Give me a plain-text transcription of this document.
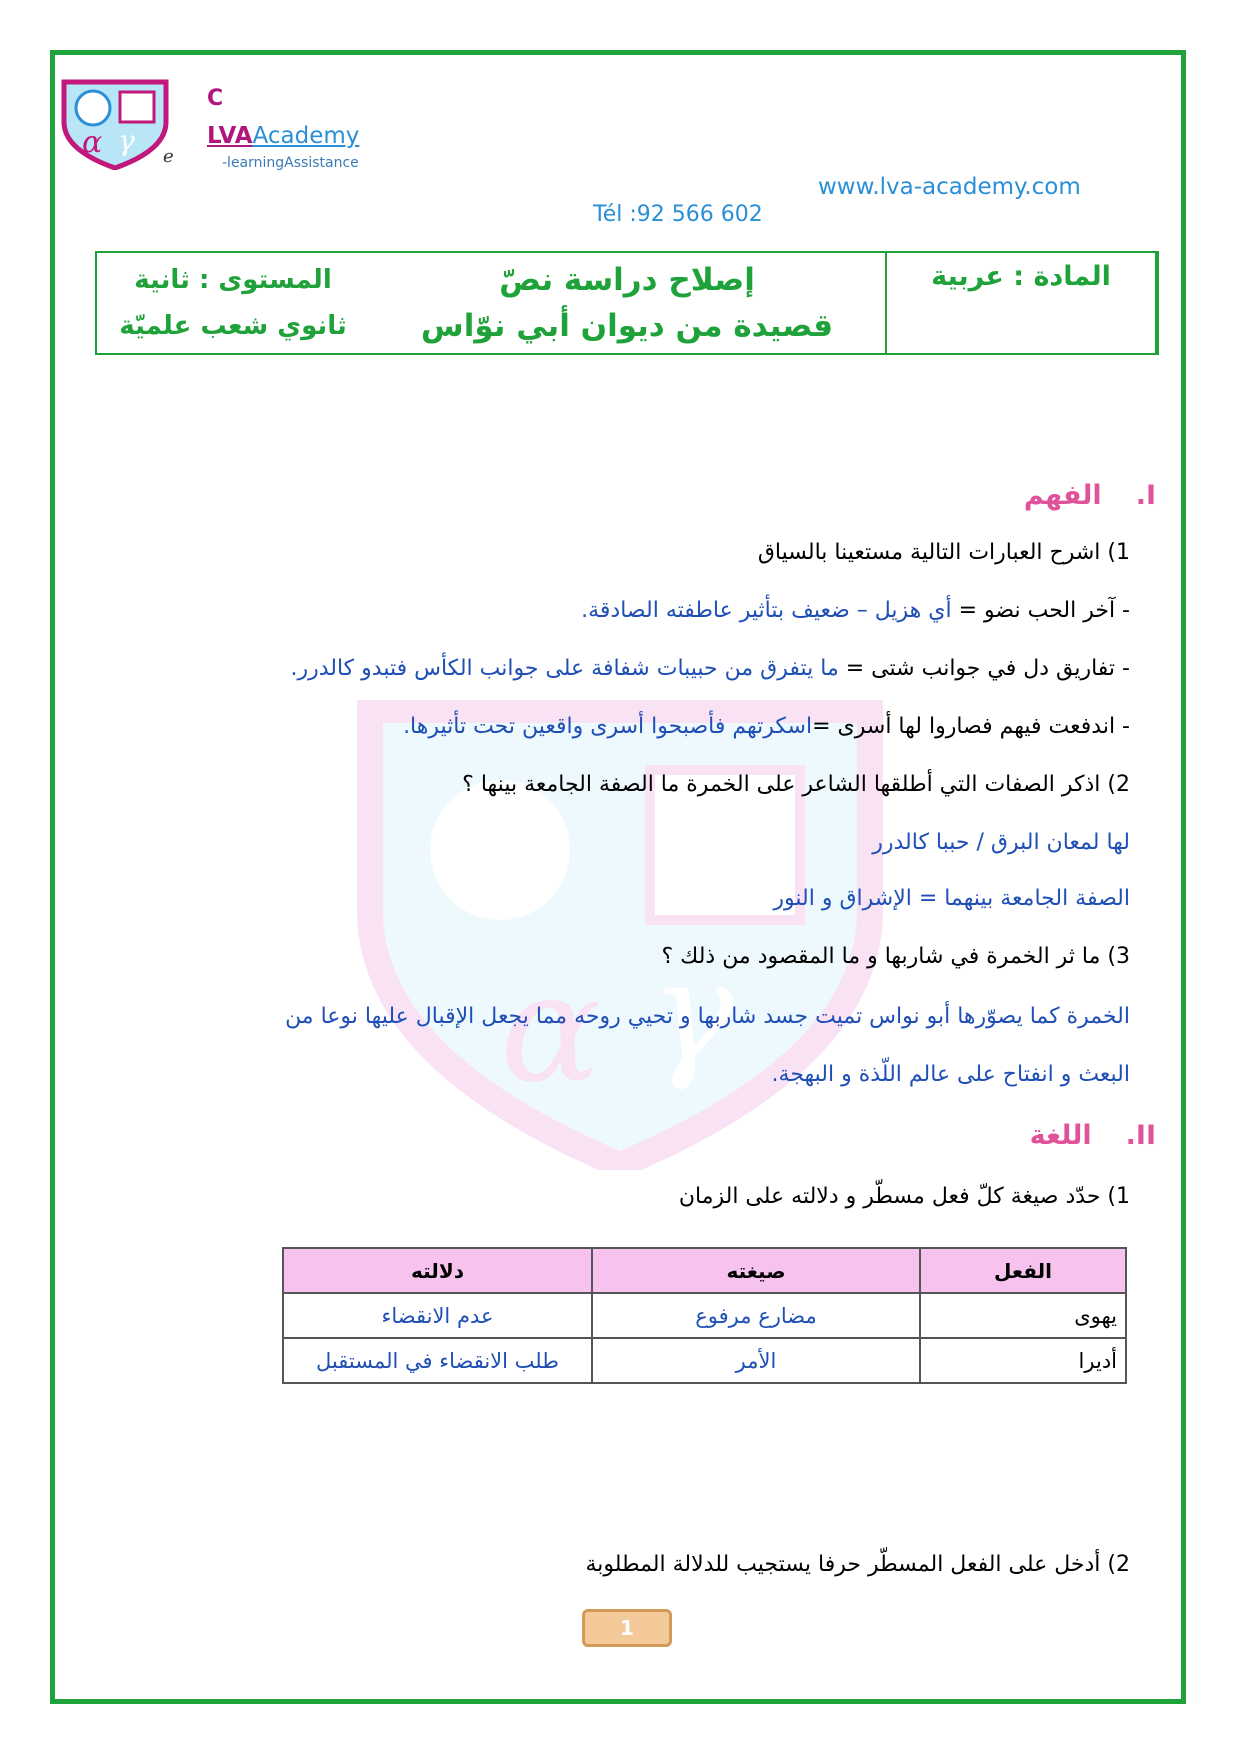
α γ
α γ
C
LVAAcademy
e	-learningAssistance
www.lva-academy.com
Tél :92 566 602
المستوى : ثانية
ثانوي شعب علميّة
إصلاح دراسة نصّ
قصيدة من ديوان أبي نوّاس
المادة : عربية
I.الفهم
1) اشرح العبارات التالية مستعينا بالسياق
- آخر الحب نضو = أي هزيل – ضعيف بتأثير عاطفته الصادقة.
- تفاريق دل في جوانب شتى = ما يتفرق من حبيبات شفافة على جوانب الكأس فتبدو كالدرر.
- اندفعت فيهم فصاروا لها أسرى =اسكرتهم فأصبحوا أسرى واقعين تحت تأثيرها.
2) اذكر الصفات التي أطلقها الشاعر على الخمرة ما الصفة الجامعة بينها ؟
لها لمعان البرق / حببا كالدرر
الصفة الجامعة بينهما = الإشراق و النور
3) ما ثر الخمرة في شاربها و ما المقصود من ذلك ؟
الخمرة كما يصوّرها أبو نواس تميت جسد شاربها و تحيي روحه مما يجعل الإقبال عليها نوعا من
البعث و انفتاح على عالم اللّذة و البهجة.
II.اللغة
1) حدّد صيغة كلّ فعل مسطّر و دلالته على الزمان
الفعل	صيغته	دلالته
يهوى	مضارع مرفوع	عدم الانقضاء
أديرا	الأمر	طلب الانقضاء في المستقبل
2) أدخل على الفعل المسطّر حرفا يستجيب للدلالة المطلوبة
1
